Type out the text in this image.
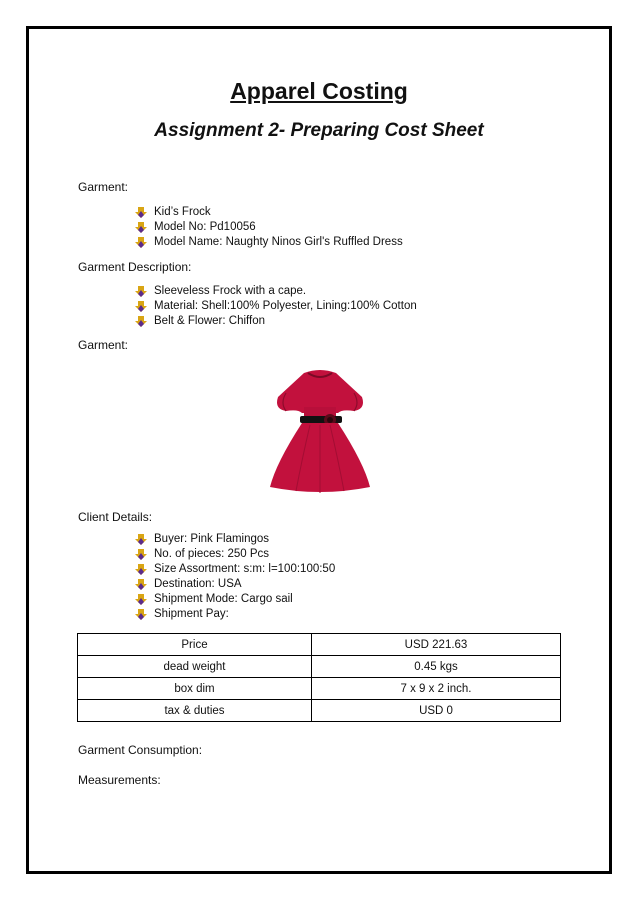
Apparel Costing
Assignment 2- Preparing Cost Sheet
Garment:
Kid’s Frock
Model No: Pd10056
Model Name: Naughty Ninos Girl's Ruffled Dress
Garment Description:
Sleeveless Frock with a cape.
Material: Shell:100% Polyester, Lining:100% Cotton
Belt & Flower: Chiffon
Garment:
Client Details:
Buyer: Pink Flamingos
No. of pieces: 250 Pcs
Size Assortment: s:m: l=100:100:50
Destination: USA
Shipment Mode: Cargo sail
Shipment Pay:
Price	USD 221.63
dead weight	0.45 kgs
box dim	7 x 9 x 2 inch.
tax & duties	USD 0
Garment Consumption:
Measurements:
